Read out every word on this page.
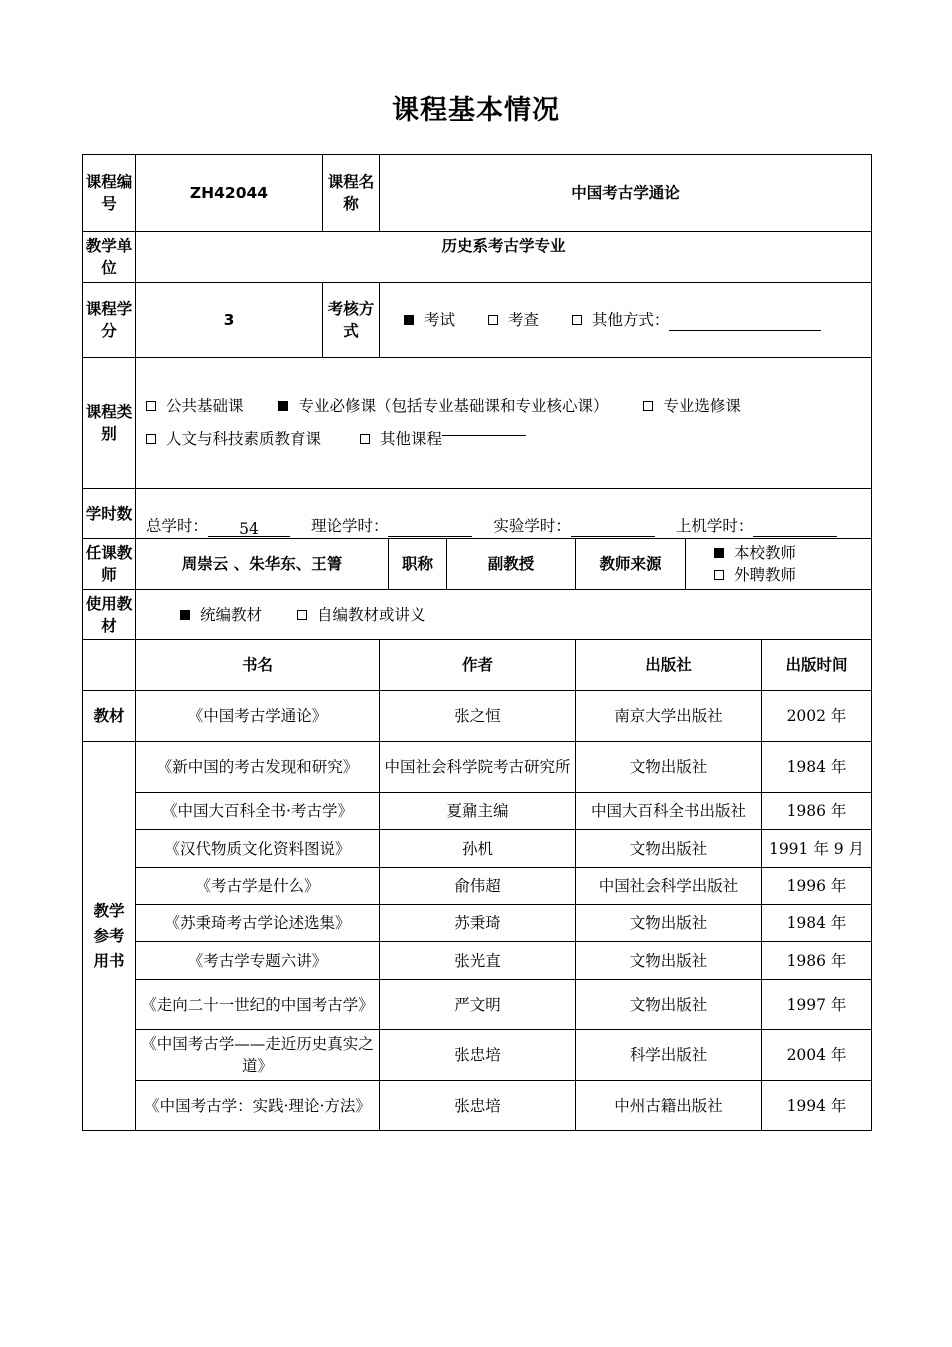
课程基本情况
课程编号	ZH42044	课程名称	中国考古学通论					
教学单位	历史系考古学专业							
课程学分	3	考核方式	考试 考查 其他方式：					
课程类别	公共基础课 专业必修课（包括专业基础课和专业核心课） 专业选修课
人文与科技素质教育课 其他课程							

学时数	总学时： 54 理论学时： 实验学时： 上机学时：							
任课教师	周崇云 、朱华东、王箐			职称	副教授	教师来源	本校教师
外聘教师	

使用教材	统编教材 自编教材或讲义							
	书名		作者			出版社		出版时间
教材	《中国考古学通论》		张之恒			南京大学出版社		2002 年

教学参考用书	《新中国的考古发现和研究》		中国社会科学院考古研究所			文物出版社		1984 年
	《中国大百科全书·考古学》		夏鼐主编			中国大百科全书出版社		1986 年
	《汉代物质文化资料图说》		孙机			文物出版社		1991 年 9 月
	《考古学是什么》		俞伟超			中国社会科学出版社		1996 年
	《苏秉琦考古学论述选集》		苏秉琦			文物出版社		1984 年
	《考古学专题六讲》		张光直			文物出版社		1986 年
	《走向二十一世纪的中国考古学》		严文明			文物出版社		1997 年
	《中国考古学——走近历史真实之道》		张忠培			科学出版社		2004 年
	《中国考古学：实践·理论·方法》		张忠培			中州古籍出版社		1994 年
